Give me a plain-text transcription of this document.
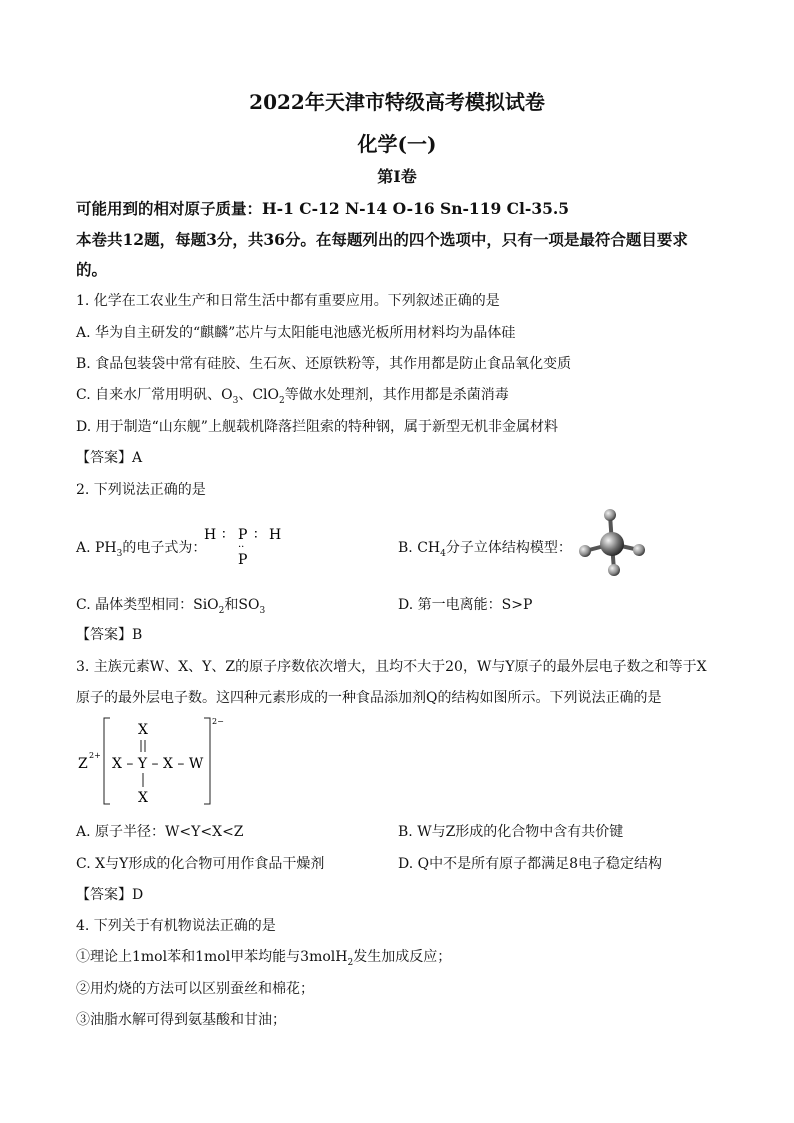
2022年天津市特级高考模拟试卷
化学(一)
第I卷
可能用到的相对原子质量：H-1 C-12 N-14 O-16 Sn-119 Cl-35.5
本卷共12题，每题3分，共36分。在每题列出的四个选项中，只有一项是最符合题目要求
的。
1. 化学在工农业生产和日常生活中都有重要应用。下列叙述正确的是
A. 华为自主研发的“麒麟”芯片与太阳能电池感光板所用材料均为晶体硅
B. 食品包装袋中常有硅胶、生石灰、还原铁粉等，其作用都是防止食品氧化变质
C. 自来水厂常用明矾、$O_3$、ClO$_2$等做水处理剂，其作用都是杀菌消毒
D. 用于制造“山东舰”上舰载机降落拦阻索的特种钢，属于新型无机非金属材料
【答案】A
2. 下列说法正确的是
A. $PH_3$的电子式为：
H ∶ P ∶ H
··
P
B. $CH_4$分子立体结构模型：
C. 晶体类型相同：SiO$_2$和$SO_3$	D. 第一电离能：S>P
【答案】B
3. 主族元素W、X、Y、Z的原子序数依次增大，且均不大于20，W与Y原子的最外层电子数之和等于X
原子的最外层电子数。这四种元素形成的一种食品添加剂Q的结构如图所示。下列说法正确的是
Z
2+
2−
X
X – Y – X – W
X
A. 原子半径：W<Y<X<Z	B. W与Z形成的化合物中含有共价键
C. X与Y形成的化合物可用作食品干燥剂	D. Q中不是所有原子都满足8电子稳定结构
【答案】D
4. 下列关于有机物说法正确的是
①理论上1mol苯和1mol甲苯均能与3molH$_2$发生加成反应；
②用灼烧的方法可以区别蚕丝和棉花；
③油脂水解可得到氨基酸和甘油；
